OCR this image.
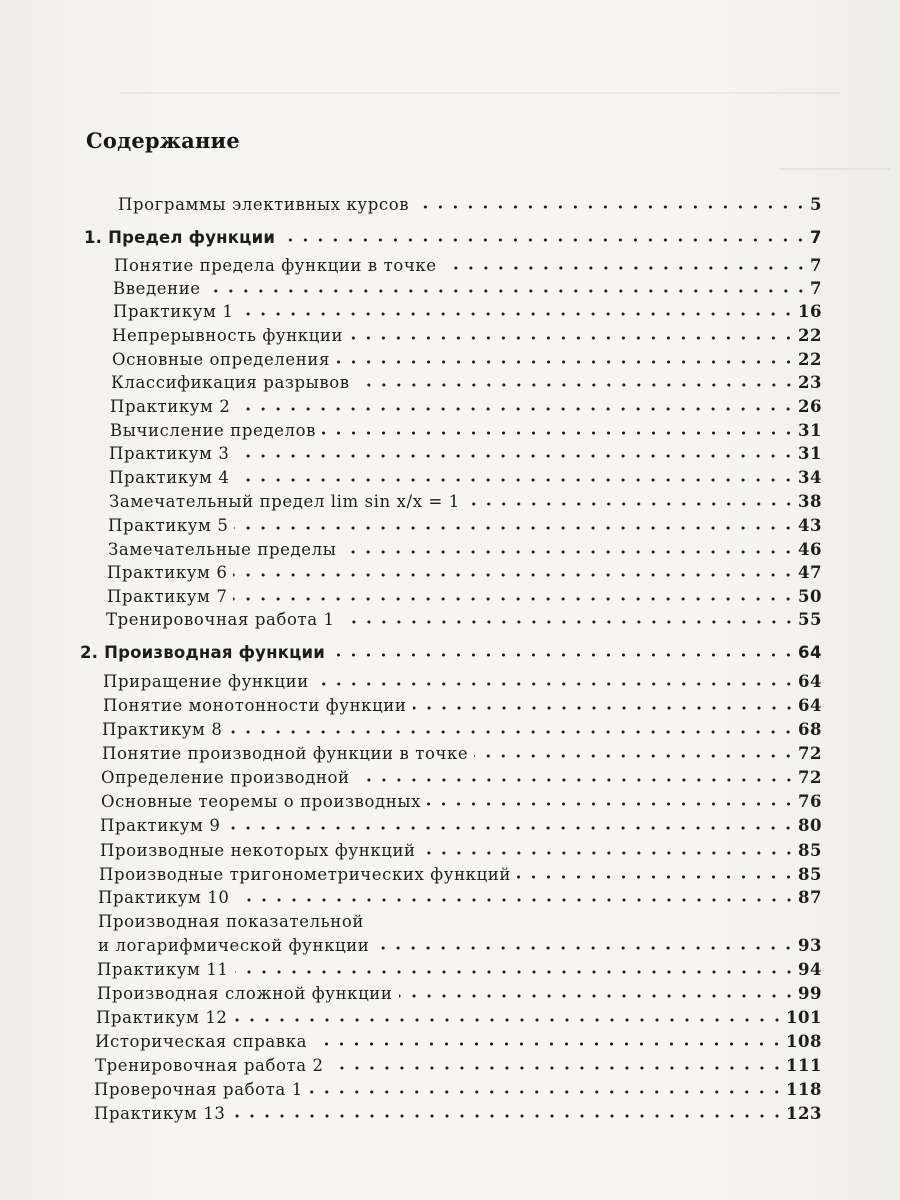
Содержание
Программы элективных курсов	5
1. Предел функции	7
Понятие предела функции в точке	7
Введение	7
Практикум 1	16
Непрерывность функции	22
Основные определения	22
Классификация разрывов	23
Практикум 2	26
Вычисление пределов	31
Практикум 3	31
Практикум 4	34
Замечательный предел lim sin x/x = 1	38
Практикум 5	43
Замечательные пределы	46
Практикум 6	47
Практикум 7	50
Тренировочная работа 1	55
2. Производная функции	64
Приращение функции	64
Понятие монотонности функции	64
Практикум 8	68
Понятие производной функции в точке	72
Определение производной	72
Основные теоремы о производных	76
Практикум 9	80
Производные некоторых функций	85
Производные тригонометрических функций	85
Практикум 10	87
Производная показательной
и логарифмической функции	93
Практикум 11	94
Производная сложной функции	99
Практикум 12	101
Историческая справка	108
Тренировочная работа 2	111
Проверочная работа 1	118
Практикум 13	123
